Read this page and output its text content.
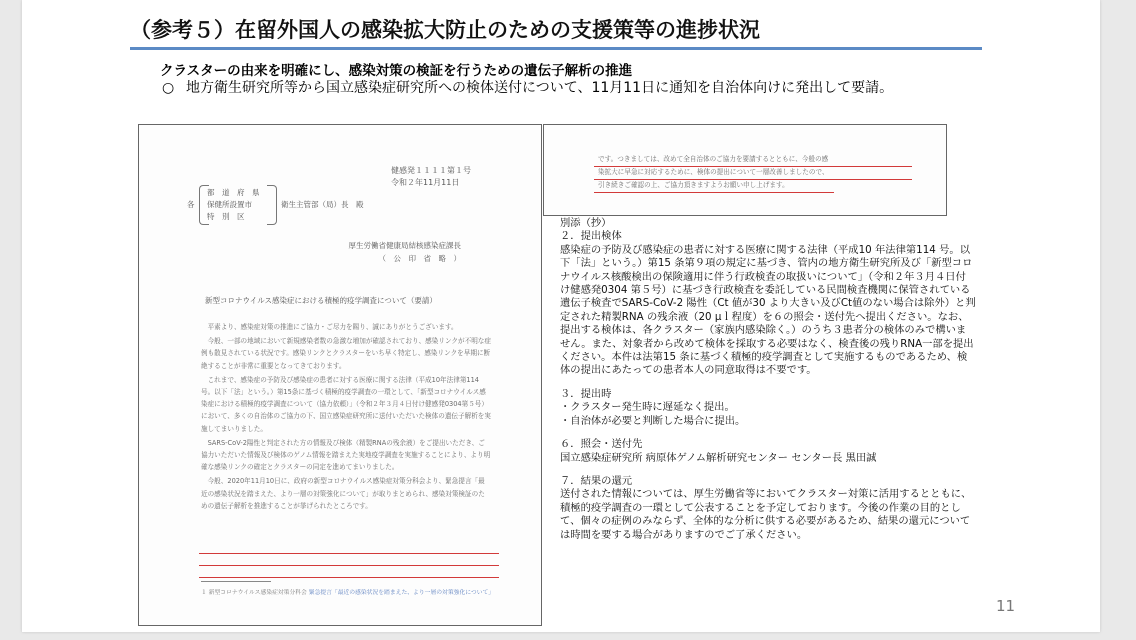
（参考５）在留外国人の感染拡大防止のための支援策等の進捗状況
クラスターの由来を明確にし、感染対策の検証を行うための遺伝子解析の推進
○ 地方衛生研究所等から国立感染症研究所への検体送付について、11月11日に通知を自治体向けに発出して要請。
健感発１１１１第１号
令和２年11月11日
各
都　道　府　県
保健所設置市
特　別　区
衛生主管部（局）長　殿
厚生労働省健康局結核感染症課長
（　公　印　省　略　）
新型コロナウイルス感染症における積極的疫学調査について（要請）

平素より、感染症対策の推進にご協力・ご尽力を賜り、誠にありがとうございます。

今般、一部の地域において新規感染者数の急激な増加が確認されており、感染リンクが不明な症例も散見されている状況です。感染リンクとクラスターをいち早く特定し、感染リンクを早期に断絶することが非常に重要となってきております。

これまで、感染症の予防及び感染症の患者に対する医療に関する法律（平成10年法律第114号。以下「法」という。）第15条に基づく積極的疫学調査の一環として、「新型コロナウイルス感染症における積極的疫学調査について（協力依頼）」（令和２年３月４日付け健感発0304第５号）において、多くの自治体のご協力の下、国立感染症研究所に送付いただいた検体の遺伝子解析を実施してまいりました。

SARS-CoV-2陽性と判定された方の情報及び検体（精製RNAの残余液）をご提出いただき、ご協力いただいた情報及び検体のゲノム情報を踏まえた実地疫学調査を実施することにより、より明確な感染リンクの確定とクラスターの同定を進めてまいりました。

今般、2020年11月10日に、政府の新型コロナウイルス感染症対策分科会より、緊急提言「最近の感染状況を踏まえた、より一層の対策強化について」が取りまとめられ、感染対策検証のための遺伝子解析を推進することが挙げられたところです。

１ 新型コロナウイルス感染症対策分科会 緊急提言「最近の感染状況を踏まえた、より一層の対策強化について」
です。つきましては、改めて全自治体のご協力を要請するとともに、今般の感
染拡大に早急に対応するために、検体の提出について一層改善しましたので、
引き続きご確認の上、ご協力頂きますようお願い申し上げます。
別添（抄）
２．提出検体
感染症の予防及び感染症の患者に対する医療に関する法律（平成10 年法律第114 号。以下「法」という。）第15 条第９項の規定に基づき、管内の地方衛生研究所及び「新型コロナウイルス核酸検出の保険適用に伴う行政検査の取扱いについて」（令和２年３月４日付け健感発0304 第５号）に基づき行政検査を委託している民間検査機関に保管されている遺伝子検査でSARS-CoV-2 陽性（Ct 値が30 より大きい及びCt値のない場合は除外）と判定された精製RNA の残余液（20 μｌ程度）を６の照会・送付先へ提出ください。なお、提出する検体は、各クラスター（家族内感染除く。）のうち３患者分の検体のみで構いません。また、対象者から改めて検体を採取する必要はなく、検査後の残りRNA一部を提出ください。本件は法第15 条に基づく積極的疫学調査として実施するものであるため、検体の提出にあたっての患者本人の同意取得は不要です。
３．提出時
・クラスター発生時に遅延なく提出。
・自治体が必要と判断した場合に提出。
６．照会・送付先
国立感染症研究所 病原体ゲノム解析研究センター センター長 黒田誠
７．結果の還元
送付された情報については、厚生労働省等においてクラスター対策に活用するとともに、積極的疫学調査の一環として公表することを予定しております。今後の作業の目的として、個々の症例のみならず、全体的な分析に供する必要があるため、結果の還元については時間を要する場合がありますのでご了承ください。
11
